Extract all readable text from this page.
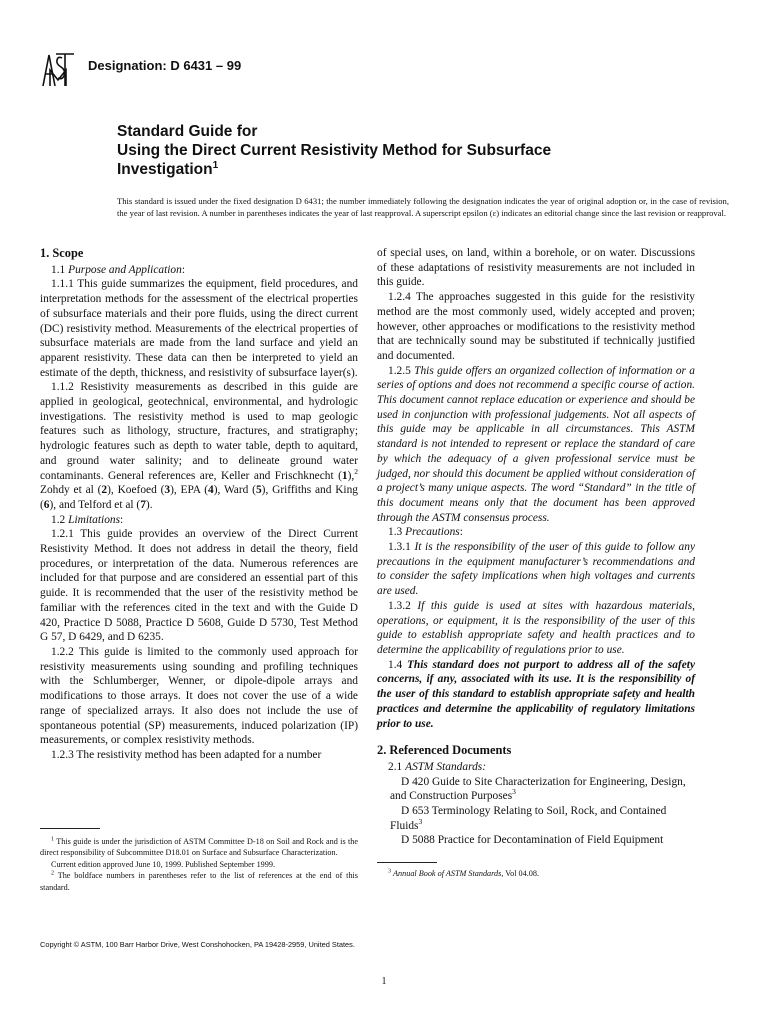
Designation: D 6431 – 99
Standard Guide for
Using the Direct Current Resistivity Method for Subsurface
Investigation$^1$
This standard is issued under the fixed designation D 6431; the number immediately following the designation indicates the year of original adoption or, in the case of revision, the year of last revision. A number in parentheses indicates the year of last reapproval. A superscript epsilon (ε) indicates an editorial change since the last revision or reapproval.
1. Scope

1.1 Purpose and Application:

1.1.1 This guide summarizes the equipment, field procedures, and interpretation methods for the assessment of the electrical properties of subsurface materials and their pore fluids, using the direct current (DC) resistivity method. Measurements of the electrical properties of subsurface materials are made from the land surface and yield an apparent resistivity. These data can then be interpreted to yield an estimate of the depth, thickness, and resistivity of subsurface layer(s).

1.1.2 Resistivity measurements as described in this guide are applied in geological, geotechnical, environmental, and hydrologic investigations. The resistivity method is used to map geologic features such as lithology, structure, fractures, and stratigraphy; hydrologic features such as depth to water table, depth to aquitard, and ground water salinity; and to delineate ground water contaminants. General references are, Keller and Frischknecht (1),$^2$ Zohdy et al (2), Koefoed (3), EPA (4), Ward (5), Griffiths and King (6), and Telford et al (7).

1.2 Limitations:

1.2.1 This guide provides an overview of the Direct Current Resistivity Method. It does not address in detail the theory, field procedures, or interpretation of the data. Numerous references are included for that purpose and are considered an essential part of this guide. It is recommended that the user of the resistivity method be familiar with the references cited in the text and with the Guide D 420, Practice D 5088, Practice D 5608, Guide D 5730, Test Method G 57, D 6429, and D 6235.

1.2.2 This guide is limited to the commonly used approach for resistivity measurements using sounding and profiling techniques with the Schlumberger, Wenner, or dipole-dipole arrays and modifications to those arrays. It does not cover the use of a wide range of specialized arrays. It also does not include the use of spontaneous potential (SP) measurements, induced polarization (IP) measurements, or complex resistivity methods.

1.2.3 The resistivity method has been adapted for a number

of special uses, on land, within a borehole, or on water. Discussions of these adaptations of resistivity measurements are not included in this guide.

1.2.4 The approaches suggested in this guide for the resistivity method are the most commonly used, widely accepted and proven; however, other approaches or modifications to the resistivity method that are technically sound may be substituted if technically justified and documented.

1.2.5 This guide offers an organized collection of information or a series of options and does not recommend a specific course of action. This document cannot replace education or experience and should be used in conjunction with professional judgements. Not all aspects of this guide may be applicable in all circumstances. This ASTM standard is not intended to represent or replace the standard of care by which the adequacy of a given professional service must be judged, nor should this document be applied without consideration of a project’s many unique aspects. The word “Standard” in the title of this document means only that the document has been approved through the ASTM consensus process.

1.3 Precautions:

1.3.1 It is the responsibility of the user of this guide to follow any precautions in the equipment manufacturer’s recommendations and to consider the safety implications when high voltages and currents are used.

1.3.2 If this guide is used at sites with hazardous materials, operations, or equipment, it is the responsibility of the user of this guide to establish appropriate safety and health practices and to determine the applicability of regulations prior to use.

1.4 This standard does not purport to address all of the safety concerns, if any, associated with its use. It is the responsibility of the user of this standard to establish appropriate safety and health practices and determine the applicability of regulatory limitations prior to use.

2. Referenced Documents

2.1 ASTM Standards:

D 420 Guide to Site Characterization for Engineering, Design, and Construction Purposes$^3$

D 653 Terminology Relating to Soil, Rock, and Contained Fluids$^3$

D 5088 Practice for Decontamination of Field Equipment

$^1$ This guide is under the jurisdiction of ASTM Committee D-18 on Soil and Rock and is the direct responsibility of Subcommittee D18.01 on Surface and Subsurface Characterization.

Current edition approved June 10, 1999. Published September 1999.

$^2$ The boldface numbers in parentheses refer to the list of references at the end of this standard.

$^3$ Annual Book of ASTM Standards, Vol 04.08.

Copyright © ASTM, 100 Barr Harbor Drive, West Conshohocken, PA 19428-2959, United States.
1
